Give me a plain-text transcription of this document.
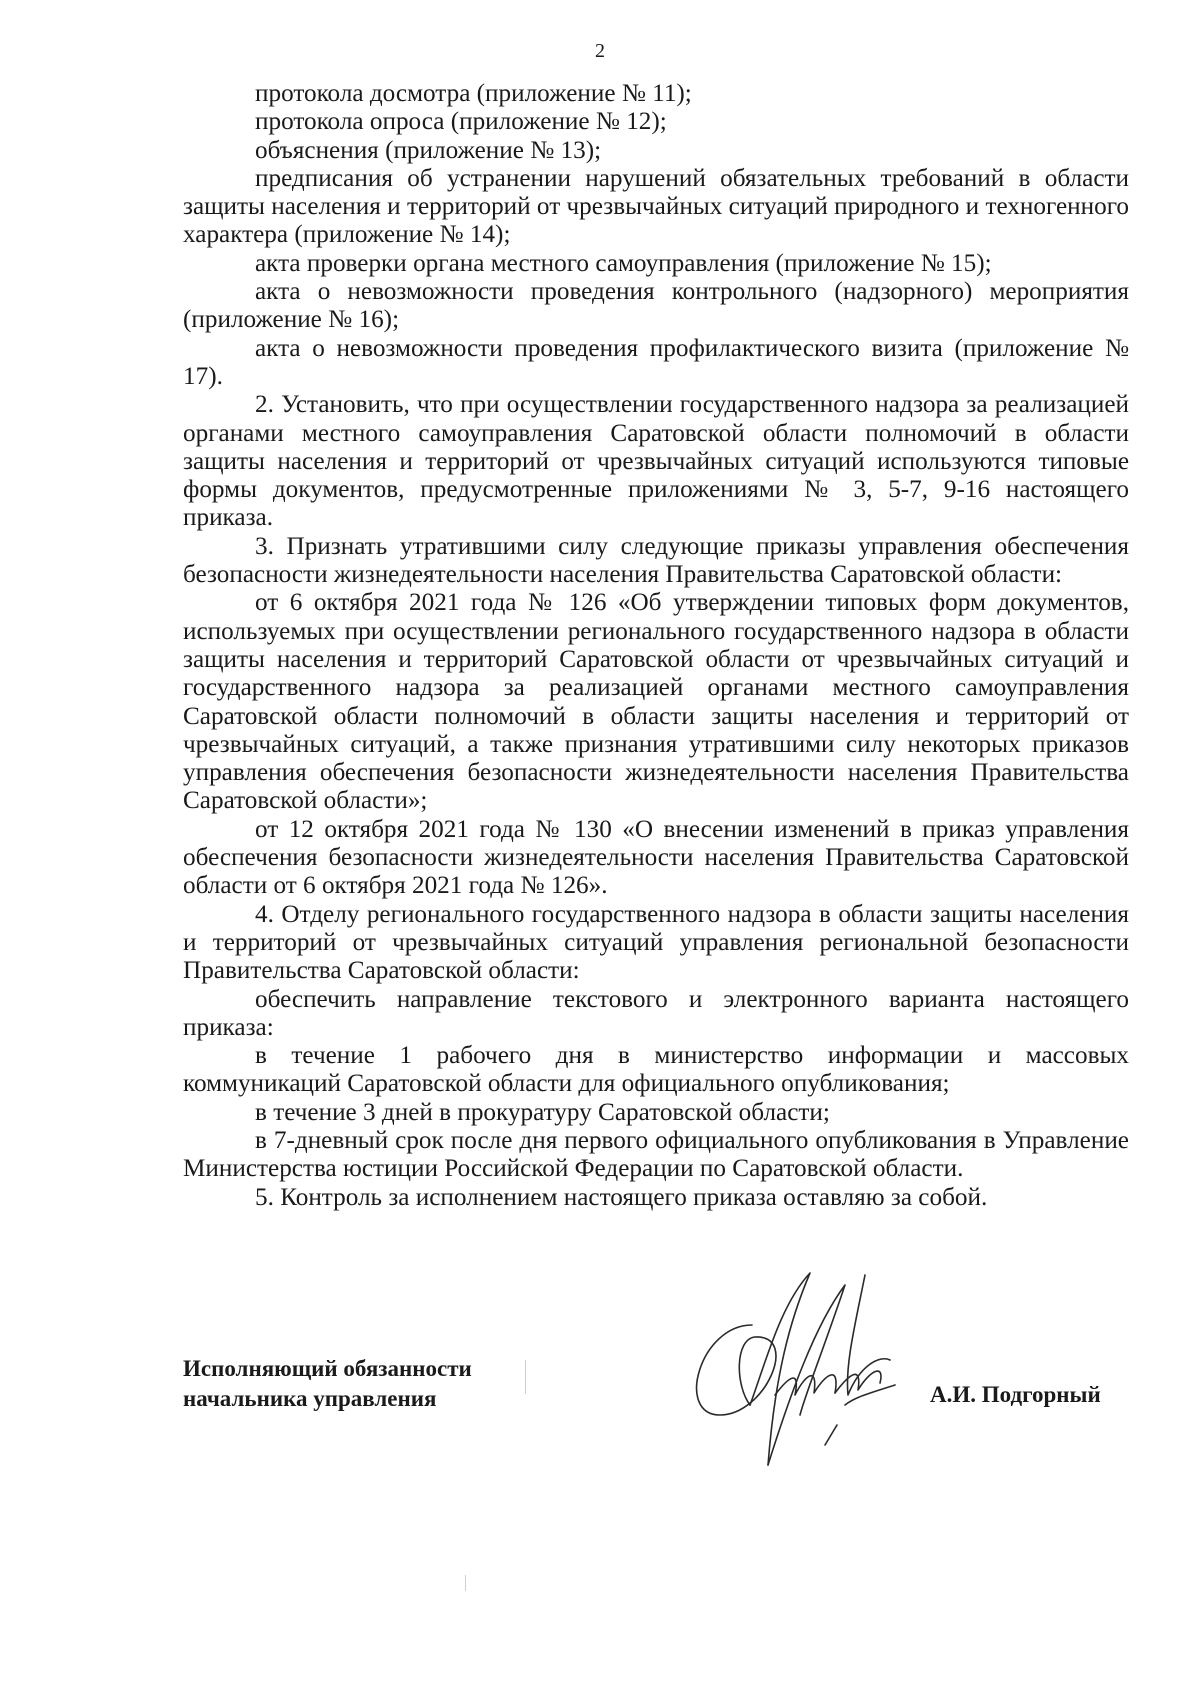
2

протокола досмотра (приложение № 11);

протокола опроса (приложение № 12);

объяснения (приложение № 13);

предписания об устранении нарушений обязательных требований в области защиты населения и территорий от чрезвычайных ситуаций природного и техногенного характера (приложение № 14);

акта проверки органа местного самоуправления (приложение № 15);

акта о невозможности проведения контрольного (надзорного) мероприятия (приложение № 16);

акта о невозможности проведения профилактического визита (приложение № 17).

2. Установить, что при осуществлении государственного надзора за реализацией органами местного самоуправления Саратовской области полномочий в области защиты населения и территорий от чрезвычайных ситуаций используются типовые формы документов, предусмотренные приложениями № 3, 5-7, 9-16 настоящего приказа.

3. Признать утратившими силу следующие приказы управления обеспечения безопасности жизнедеятельности населения Правительства Саратовской области:

от 6 октября 2021 года № 126 «Об утверждении типовых форм документов, используемых при осуществлении регионального государственного надзора в области защиты населения и территорий Саратовской области от чрезвычайных ситуаций и государственного надзора за реализацией органами местного самоуправления Саратовской области полномочий в области защиты населения и территорий от чрезвычайных ситуаций, а также признания утратившими силу некоторых приказов управления обеспечения безопасности жизнедеятельности населения Правительства Саратовской области»;

от 12 октября 2021 года № 130 «О внесении изменений в приказ управления обеспечения безопасности жизнедеятельности населения Правительства Саратовской области от 6 октября 2021 года № 126».

4. Отделу регионального государственного надзора в области защиты населения и территорий от чрезвычайных ситуаций управления региональной безопасности Правительства Саратовской области:

обеспечить направление текстового и электронного варианта настоящего приказа:

в течение 1 рабочего дня в министерство информации и массовых коммуникаций Саратовской области для официального опубликования;

в течение 3 дней в прокуратуру Саратовской области;

в 7-дневный срок после дня первого официального опубликования в Управление Министерства юстиции Российской Федерации по Саратовской области.

5. Контроль за исполнением настоящего приказа оставляю за собой.

Исполняющий обязанности
начальника управления	А.И. Подгорный
